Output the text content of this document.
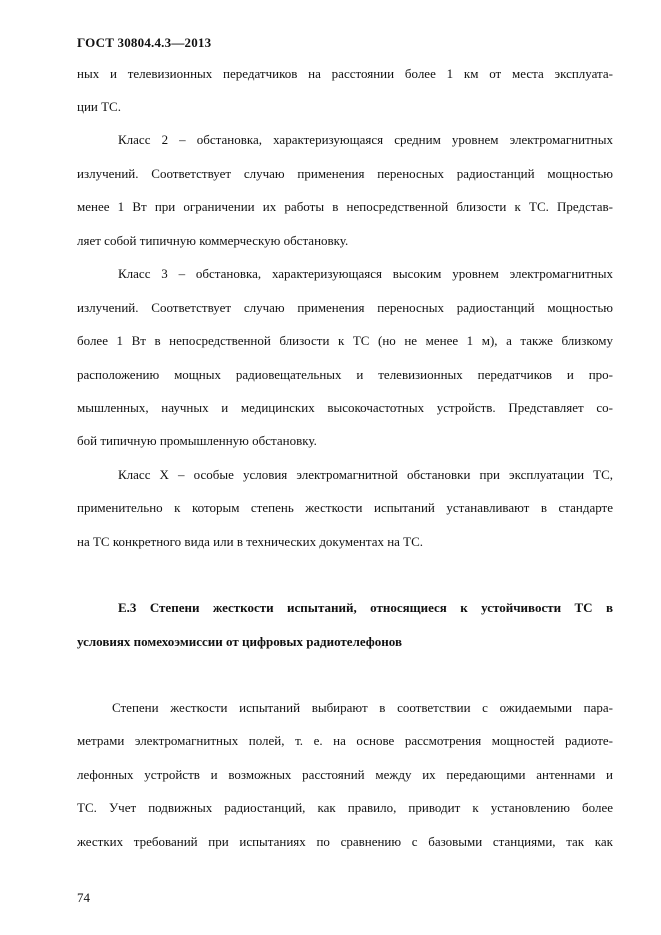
ГОСТ 30804.4.3—2013
ных и телевизионных передатчиков на расстоянии более 1 км от места эксплуата-
ции ТС.
Класс 2 – обстановка, характеризующаяся средним уровнем электромагнитных
излучений. Соответствует случаю применения переносных радиостанций мощностью
менее 1 Вт при ограничении их работы в непосредственной близости к ТС. Представ-
ляет собой типичную коммерческую обстановку.
Класс 3 – обстановка, характеризующаяся высоким уровнем электромагнитных
излучений. Соответствует случаю применения переносных радиостанций мощностью
более 1 Вт в непосредственной близости к ТС (но не менее 1 м), а также близкому
расположению мощных радиовещательных и телевизионных передатчиков и про-
мышленных, научных и медицинских высокочастотных устройств. Представляет со-
бой типичную промышленную обстановку.
Класс Х – особые условия электромагнитной обстановки при эксплуатации ТС,
применительно к которым степень жесткости испытаний устанавливают в стандарте
на ТС конкретного вида или в технических документах на ТС.
Е.3 Степени жесткости испытаний, относящиеся к устойчивости ТС в
условиях помехоэмиссии от цифровых радиотелефонов
Степени жесткости испытаний выбирают в соответствии с ожидаемыми пара-
метрами электромагнитных полей, т. е. на основе рассмотрения мощностей радиоте-
лефонных устройств и возможных расстояний между их передающими антеннами и
ТС. Учет подвижных радиостанций, как правило, приводит к установлению более
жестких требований при испытаниях по сравнению с базовыми станциями, так как
74
